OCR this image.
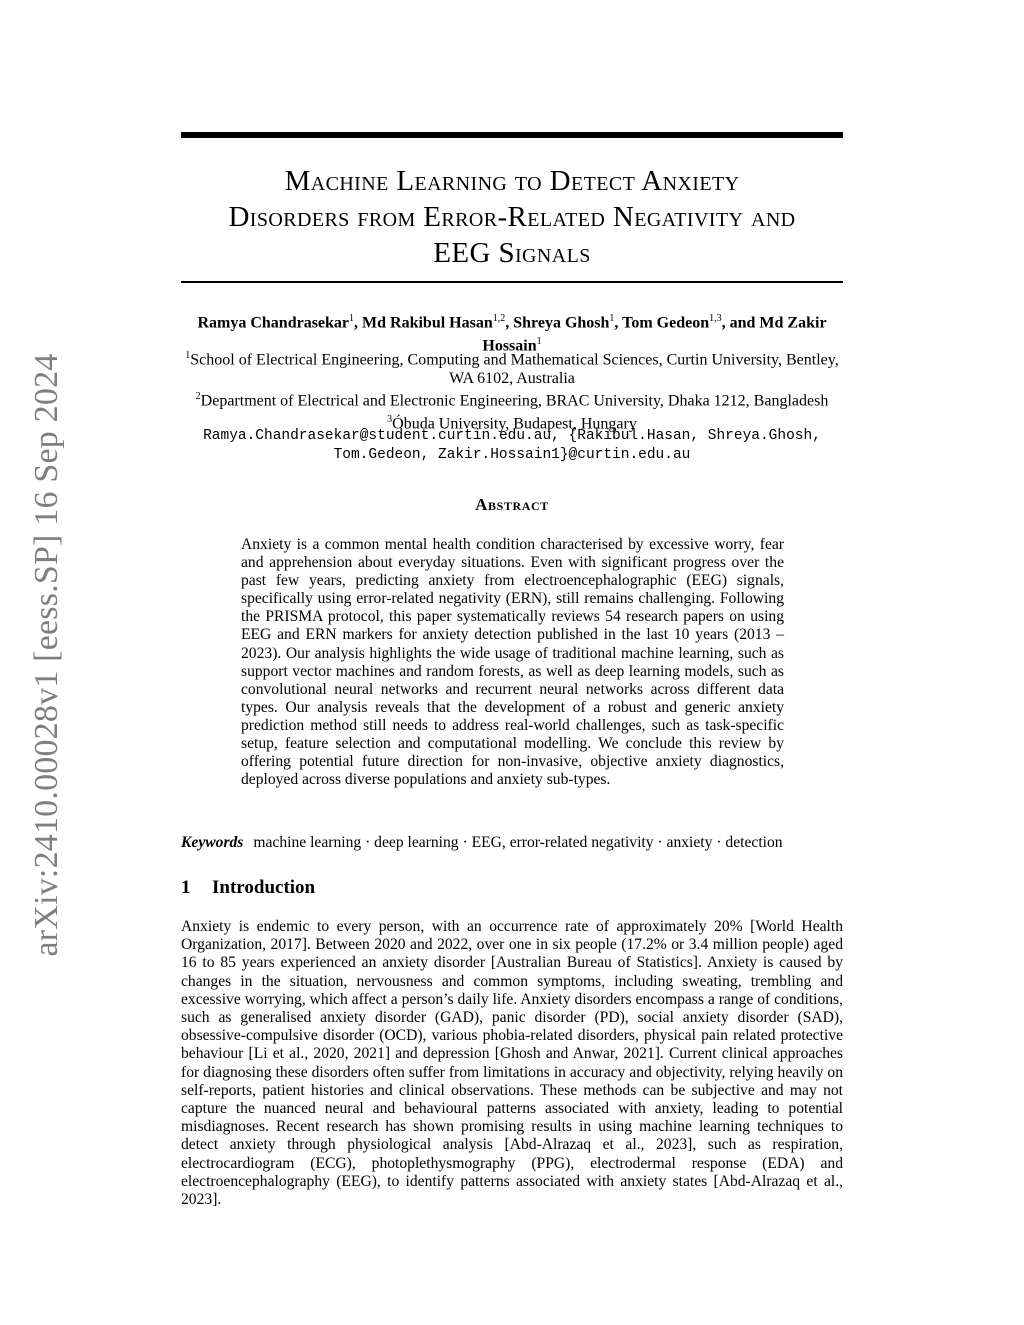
arXiv:2410.00028v1 [eess.SP] 16 Sep 2024
Machine Learning to Detect Anxiety
Disorders from Error-Related Negativity and
EEG Signals
Ramya Chandrasekar$^1$, Md Rakibul Hasan$^{1,2}$, Shreya Ghosh$^1$, Tom Gedeon$^{1,3}$, and Md Zakir Hossain$^1$
$^1$School of Electrical Engineering, Computing and Mathematical Sciences, Curtin University, Bentley, WA 6102, Australia
$^2$Department of Electrical and Electronic Engineering, BRAC University, Dhaka 1212, Bangladesh
$^3$Óbuda University, Budapest, Hungary
Ramya.Chandrasekar@student.curtin.edu.au, {Rakibul.Hasan, Shreya.Ghosh,
Tom.Gedeon, Zakir.Hossain1}@curtin.edu.au
Abstract
Anxiety is a common mental health condition characterised by excessive worry, fear and apprehension about everyday situations. Even with significant progress over the past few years, predicting anxiety from electroencephalographic (EEG) signals, specifically using error-related negativity (ERN), still remains challenging. Following the PRISMA protocol, this paper systematically reviews 54 research papers on using EEG and ERN markers for anxiety detection published in the last 10 years (2013 – 2023). Our analysis highlights the wide usage of traditional machine learning, such as support vector machines and random forests, as well as deep learning models, such as convolutional neural networks and recurrent neural networks across different data types. Our analysis reveals that the development of a robust and generic anxiety prediction method still needs to address real-world challenges, such as task-specific setup, feature selection and computational modelling. We conclude this review by offering potential future direction for non-invasive, objective anxiety diagnostics, deployed across diverse populations and anxiety sub-types.
Keywords machine learning · deep learning · EEG, error-related negativity · anxiety · detection
1 Introduction
Anxiety is endemic to every person, with an occurrence rate of approximately 20% [World Health Organization, 2017]. Between 2020 and 2022, over one in six people (17.2% or 3.4 million people) aged 16 to 85 years experienced an anxiety disorder [Australian Bureau of Statistics]. Anxiety is caused by changes in the situation, nervousness and common symptoms, including sweating, trembling and excessive worrying, which affect a person’s daily life. Anxiety disorders encompass a range of conditions, such as generalised anxiety disorder (GAD), panic disorder (PD), social anxiety disorder (SAD), obsessive-compulsive disorder (OCD), various phobia-related disorders, physical pain related protective behaviour [Li et al., 2020, 2021] and depression [Ghosh and Anwar, 2021]. Current clinical approaches for diagnosing these disorders often suffer from limitations in accuracy and objectivity, relying heavily on self-reports, patient histories and clinical observations. These methods can be subjective and may not capture the nuanced neural and behavioural patterns associated with anxiety, leading to potential misdiagnoses. Recent research has shown promising results in using machine learning techniques to detect anxiety through physiological analysis [Abd-Alrazaq et al., 2023], such as respiration, electrocardiogram (ECG), photoplethysmography (PPG), electrodermal response (EDA) and electroencephalography (EEG), to identify patterns associated with anxiety states [Abd-Alrazaq et al., 2023].
